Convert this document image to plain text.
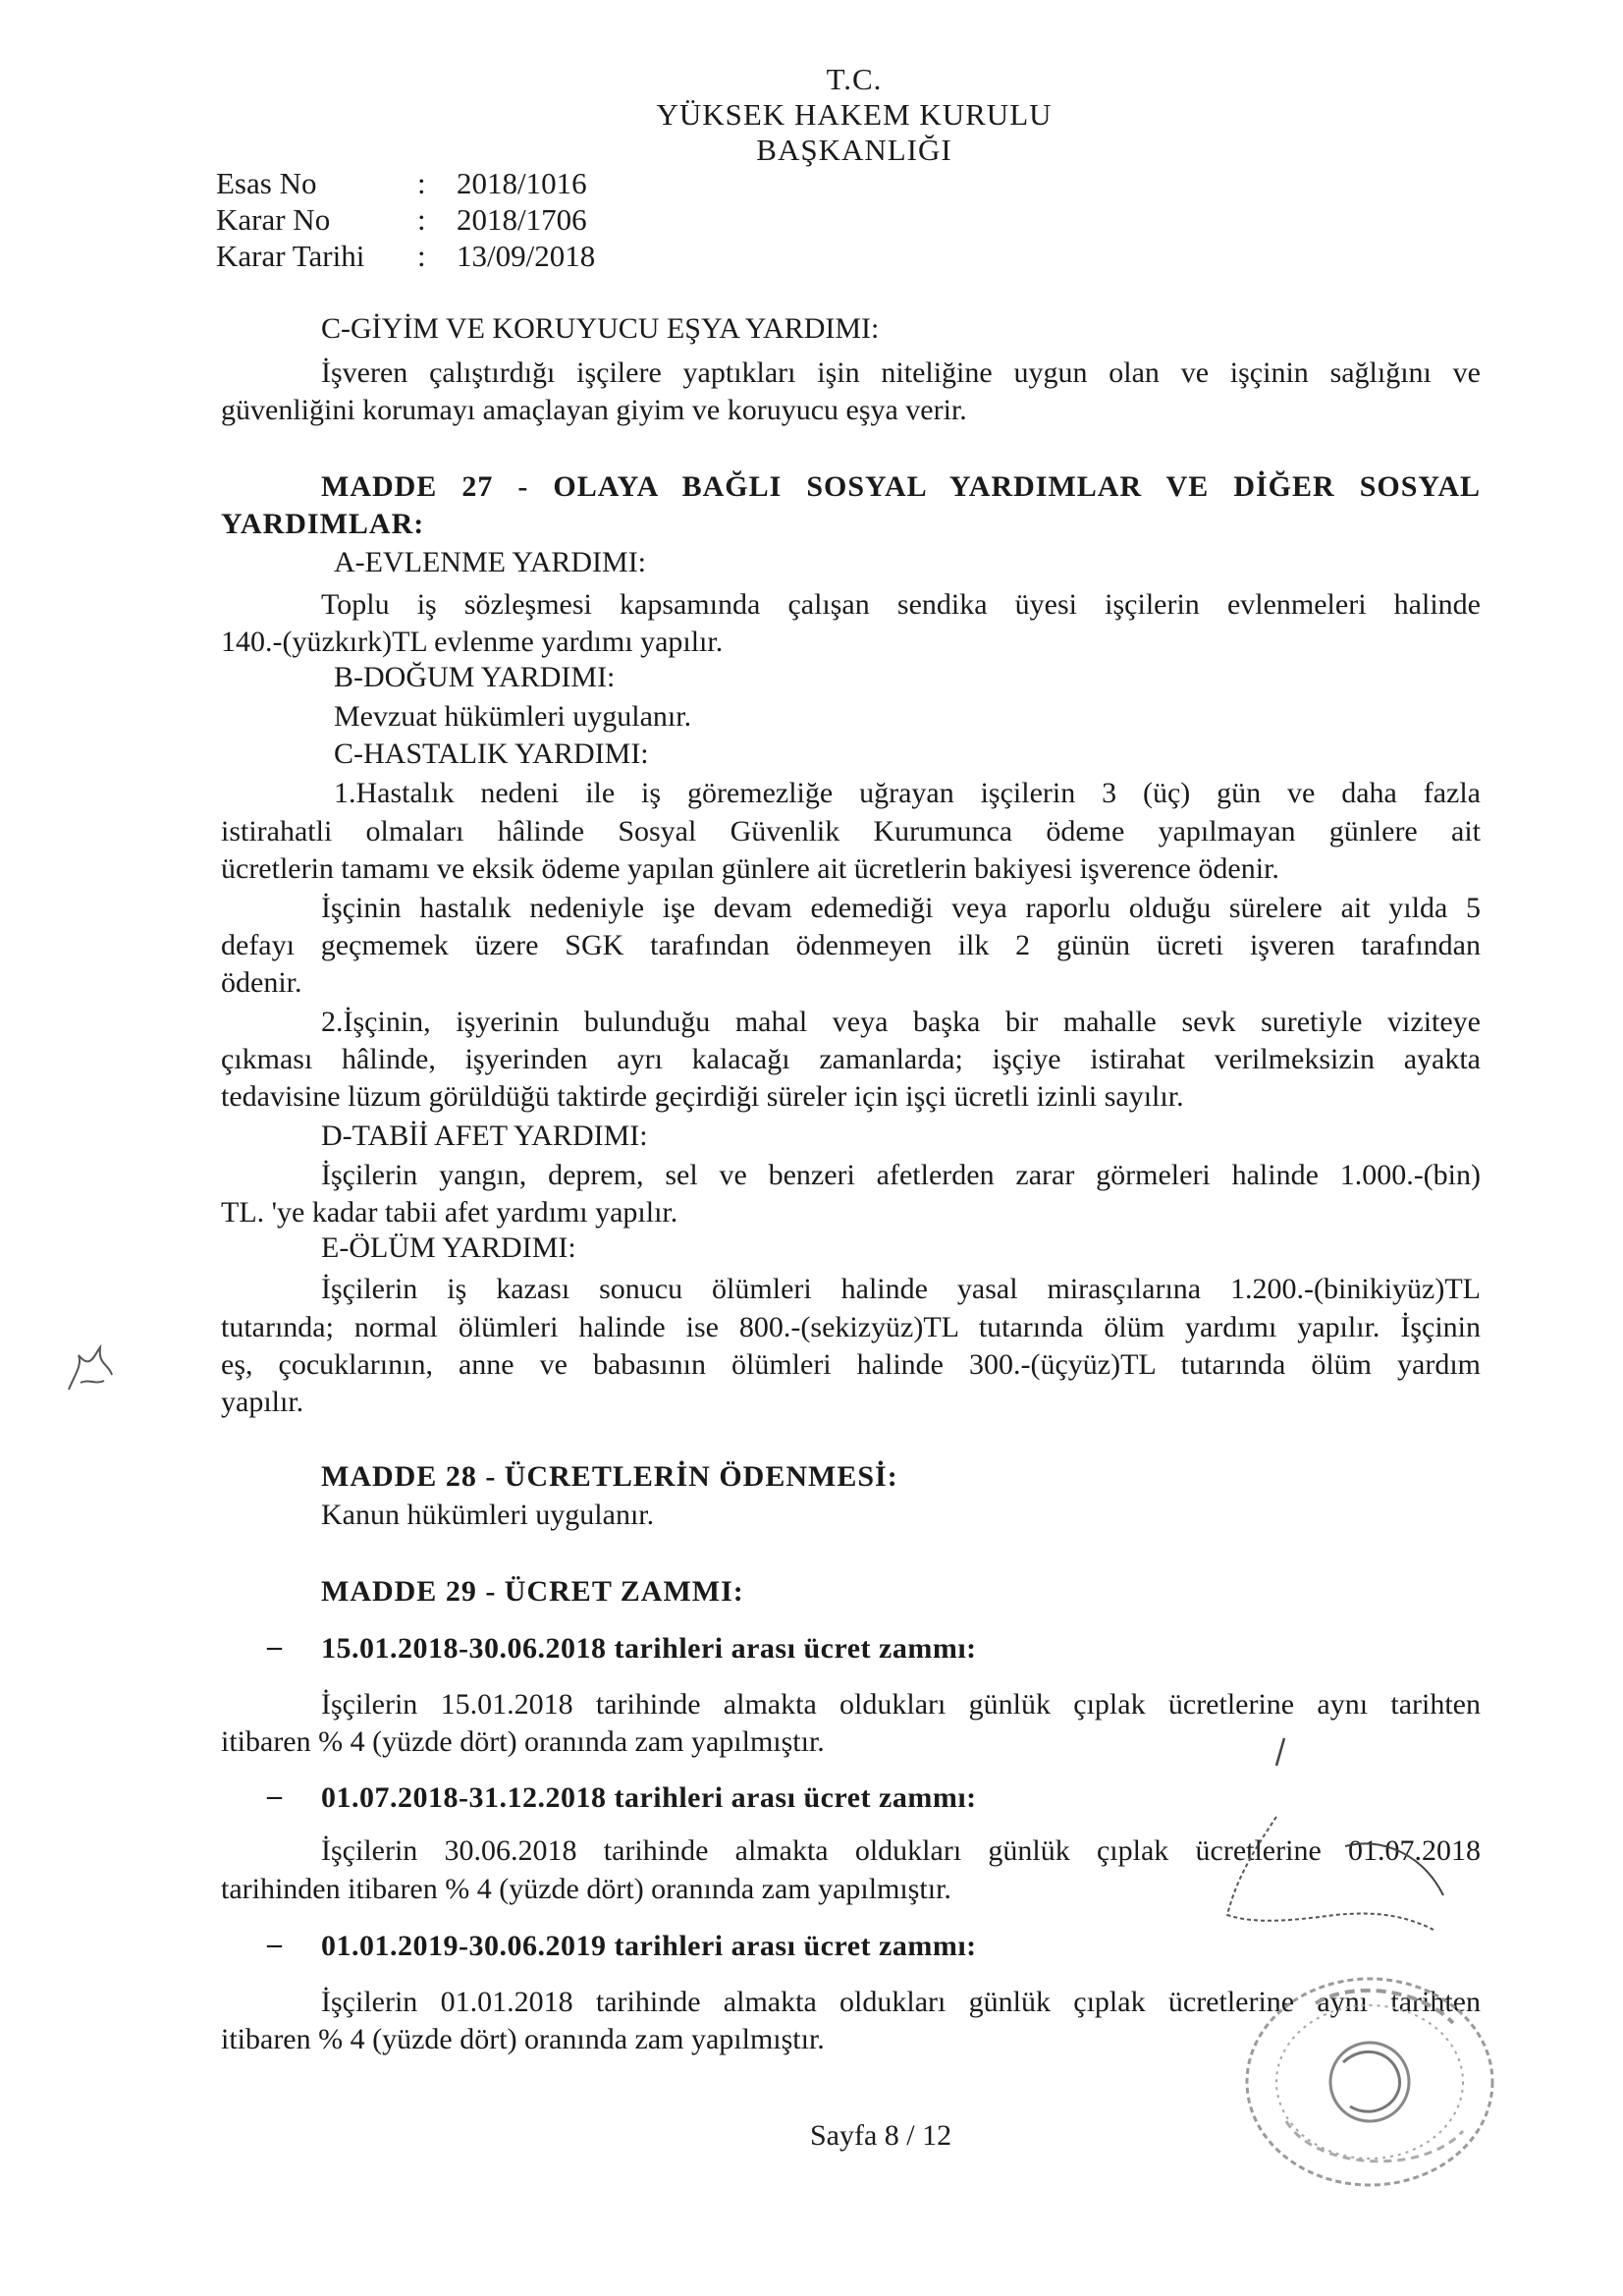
T.C.
YÜKSEK HAKEM KURULU
BAŞKANLIĞI
Esas No	: 2018/1016
Karar No	: 2018/1706
Karar Tarihi : 13/09/2018
C-GİYİM VE KORUYUCU EŞYA YARDIMI:
İşveren çalıştırdığı işçilere yaptıkları işin niteliğine uygun olan ve işçinin sağlığını ve
güvenliğini korumayı amaçlayan giyim ve koruyucu eşya verir.
MADDE 27 - OLAYA BAĞLI SOSYAL YARDIMLAR VE DİĞER SOSYAL
YARDIMLAR:
A-EVLENME YARDIMI:
Toplu iş sözleşmesi kapsamında çalışan sendika üyesi işçilerin evlenmeleri halinde
140.-(yüzkırk)TL evlenme yardımı yapılır.
B-DOĞUM YARDIMI:
Mevzuat hükümleri uygulanır.
C-HASTALIK YARDIMI:
1.Hastalık nedeni ile iş göremezliğe uğrayan işçilerin 3 (üç) gün ve daha fazla
istirahatli olmaları hâlinde Sosyal Güvenlik Kurumunca ödeme yapılmayan günlere ait
ücretlerin tamamı ve eksik ödeme yapılan günlere ait ücretlerin bakiyesi işverence ödenir.
İşçinin hastalık nedeniyle işe devam edemediği veya raporlu olduğu sürelere ait yılda 5
defayı geçmemek üzere SGK tarafından ödenmeyen ilk 2 günün ücreti işveren tarafından
ödenir.
2.İşçinin, işyerinin bulunduğu mahal veya başka bir mahalle sevk suretiyle viziteye
çıkması hâlinde, işyerinden ayrı kalacağı zamanlarda; işçiye istirahat verilmeksizin ayakta
tedavisine lüzum görüldüğü taktirde geçirdiği süreler için işçi ücretli izinli sayılır.
D-TABİİ AFET YARDIMI:
İşçilerin yangın, deprem, sel ve benzeri afetlerden zarar görmeleri halinde 1.000.-(bin)
TL. 'ye kadar tabii afet yardımı yapılır.
E-ÖLÜM YARDIMI:
İşçilerin iş kazası sonucu ölümleri halinde yasal mirasçılarına 1.200.-(binikiyüz)TL
tutarında; normal ölümleri halinde ise 800.-(sekizyüz)TL tutarında ölüm yardımı yapılır. İşçinin
eş, çocuklarının, anne ve babasının ölümleri halinde 300.-(üçyüz)TL tutarında ölüm yardım
yapılır.
MADDE 28 - ÜCRETLERİN ÖDENMESİ:
Kanun hükümleri uygulanır.
MADDE 29 - ÜCRET ZAMMI:
– 15.01.2018-30.06.2018 tarihleri arası ücret zammı:
İşçilerin 15.01.2018 tarihinde almakta oldukları günlük çıplak ücretlerine aynı tarihten
itibaren % 4 (yüzde dört) oranında zam yapılmıştır.
– 01.07.2018-31.12.2018 tarihleri arası ücret zammı:
İşçilerin 30.06.2018 tarihinde almakta oldukları günlük çıplak ücretlerine 01.07.2018
tarihinden itibaren % 4 (yüzde dört) oranında zam yapılmıştır.
– 01.01.2019-30.06.2019 tarihleri arası ücret zammı:
İşçilerin 01.01.2018 tarihinde almakta oldukları günlük çıplak ücretlerine aynı tarihten
itibaren % 4 (yüzde dört) oranında zam yapılmıştır.
Sayfa 8 / 12
